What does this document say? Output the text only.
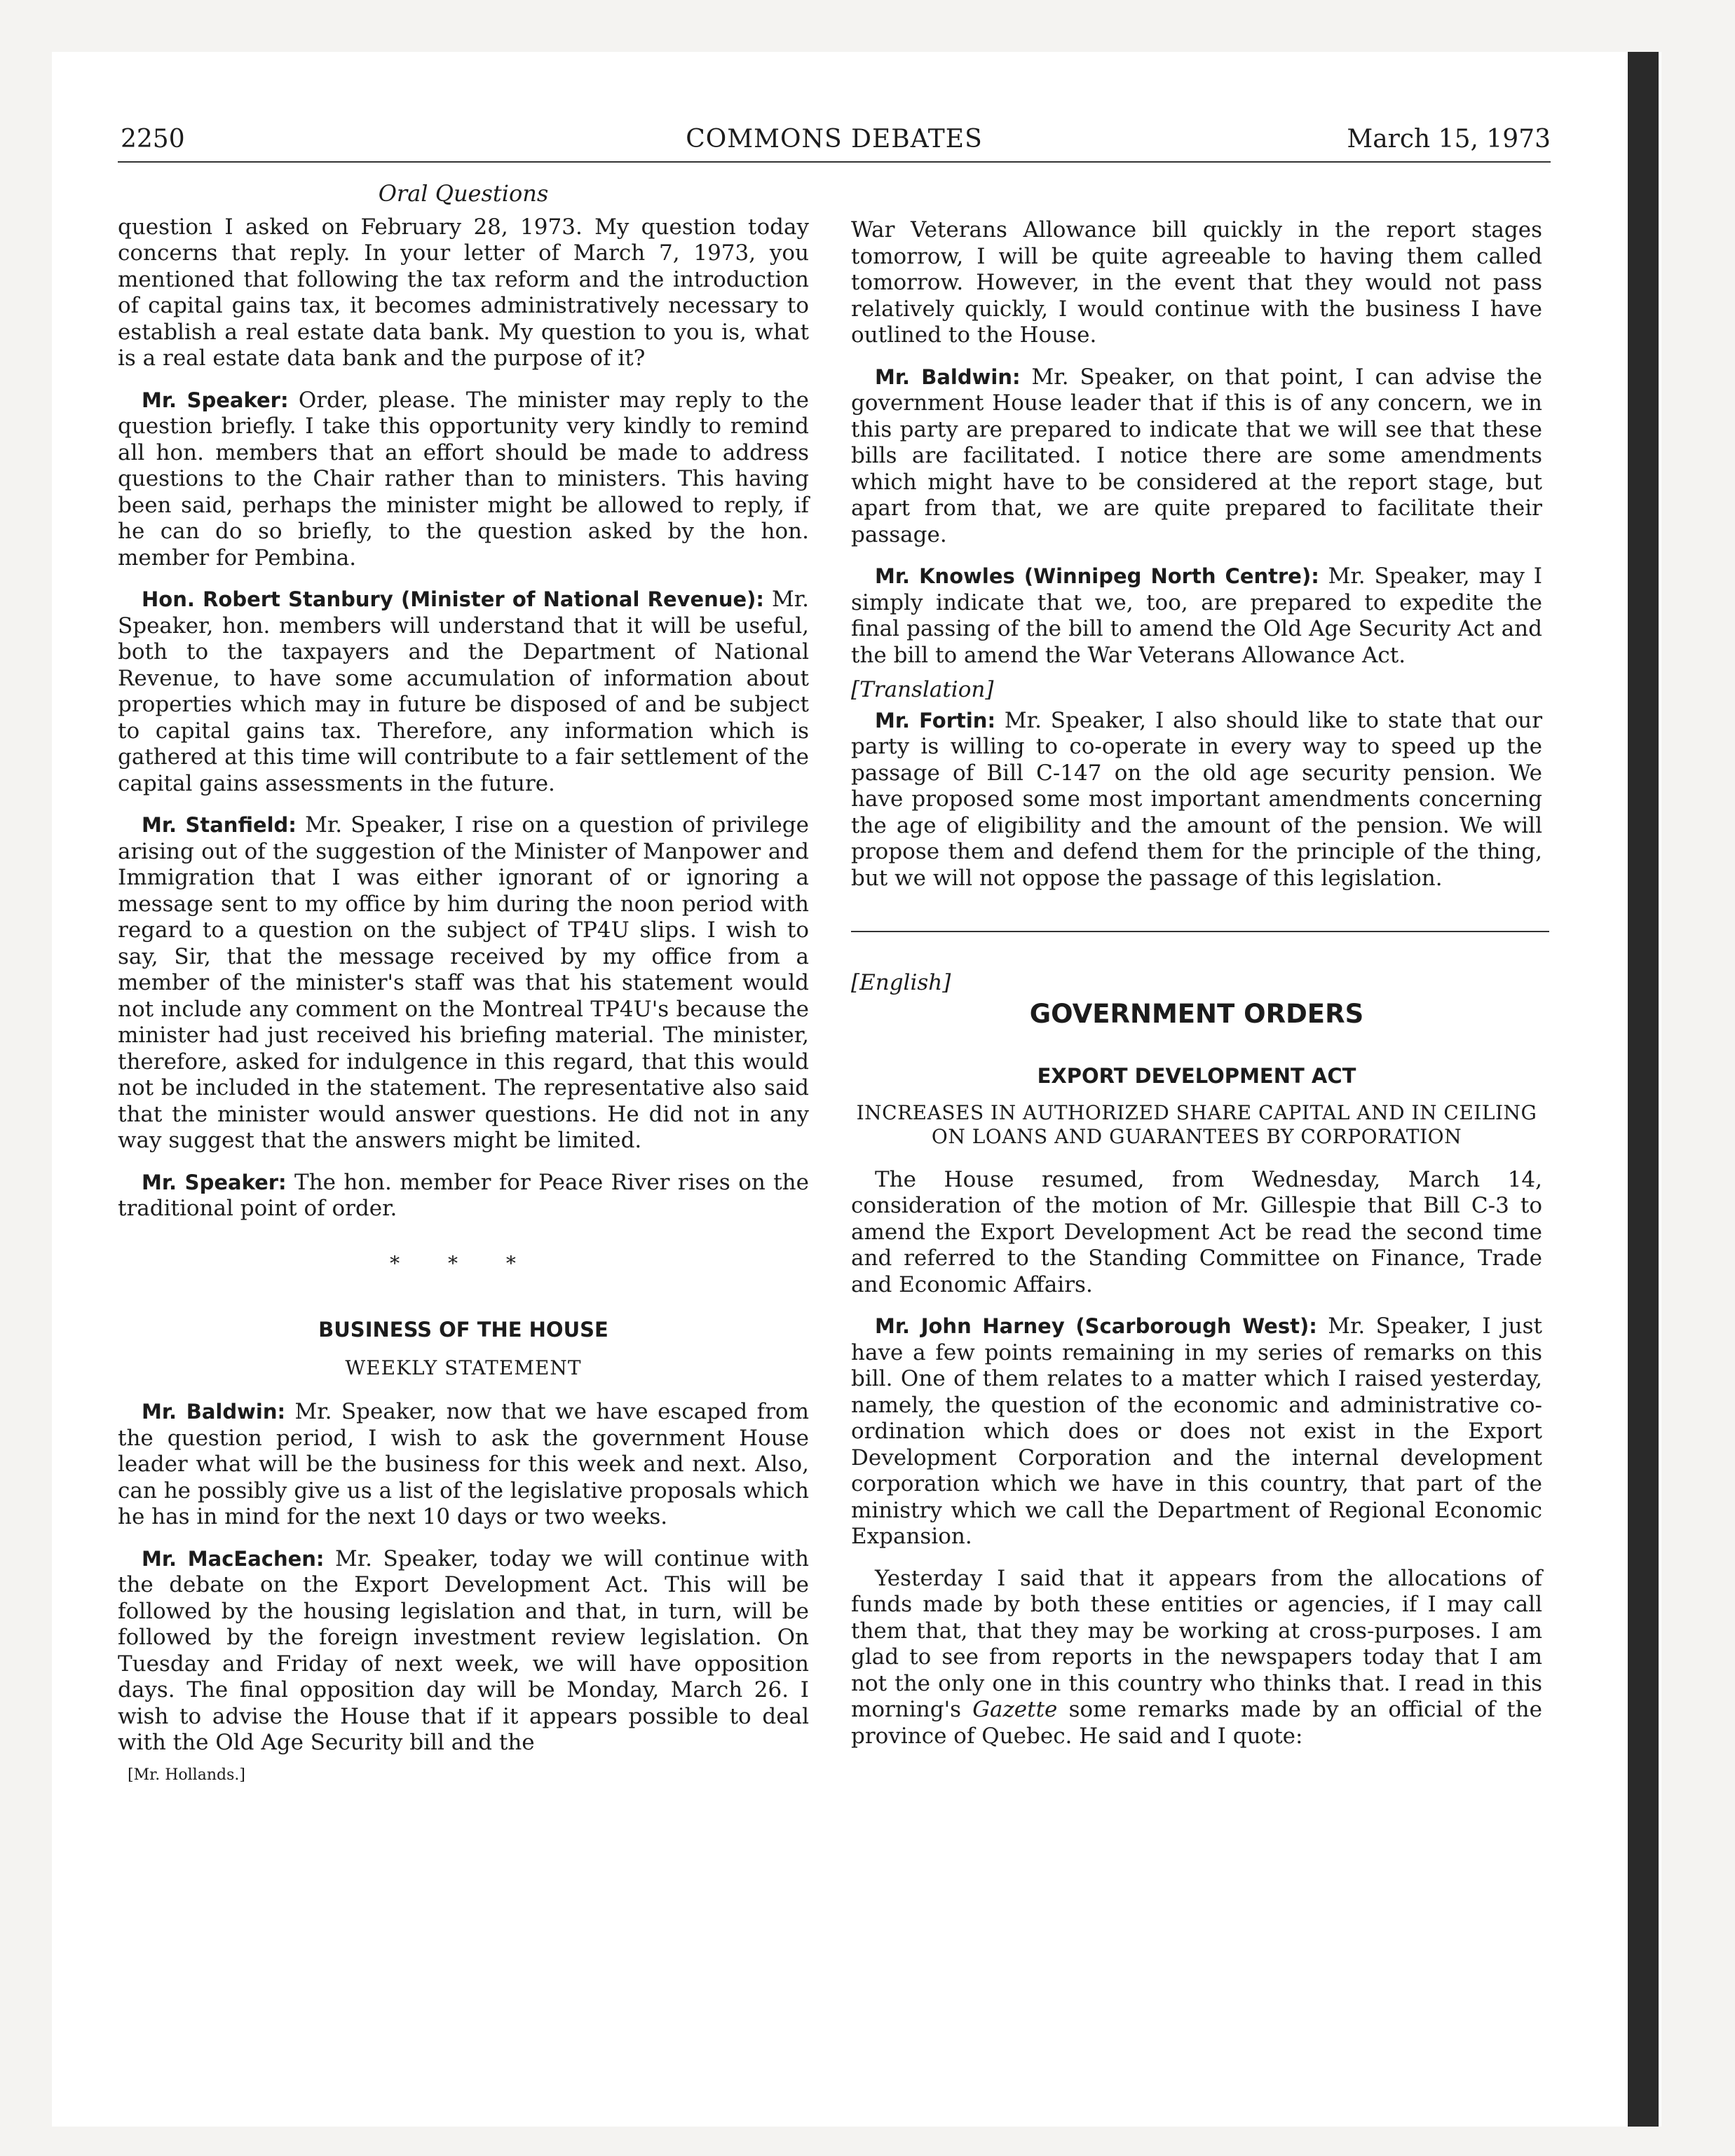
2250	COMMONS DEBATES	March 15, 1973
Oral Questions

question I asked on February 28, 1973. My question today concerns that reply. In your letter of March 7, 1973, you mentioned that following the tax reform and the introduction of capital gains tax, it becomes administratively necessary to establish a real estate data bank. My question to you is, what is a real estate data bank and the purpose of it?

Mr. Speaker: Order, please. The minister may reply to the question briefly. I take this opportunity very kindly to remind all hon. members that an effort should be made to address questions to the Chair rather than to ministers. This having been said, perhaps the minister might be allowed to reply, if he can do so briefly, to the question asked by the hon. member for Pembina.

Hon. Robert Stanbury (Minister of National Revenue): Mr. Speaker, hon. members will understand that it will be useful, both to the taxpayers and the Department of National Revenue, to have some accumulation of information about properties which may in future be disposed of and be subject to capital gains tax. Therefore, any information which is gathered at this time will contribute to a fair settlement of the capital gains assessments in the future.

Mr. Stanfield: Mr. Speaker, I rise on a question of privilege arising out of the suggestion of the Minister of Manpower and Immigration that I was either ignorant of or ignoring a message sent to my office by him during the noon period with regard to a question on the subject of TP4U slips. I wish to say, Sir, that the message received by my office from a member of the minister's staff was that his statement would not include any comment on the Montreal TP4U's because the minister had just received his briefing material. The minister, therefore, asked for indulgence in this regard, that this would not be included in the statement. The representative also said that the minister would answer questions. He did not in any way suggest that the answers might be limited.

Mr. Speaker: The hon. member for Peace River rises on the traditional point of order.

* * *
BUSINESS OF THE HOUSE
WEEKLY STATEMENT

Mr. Baldwin: Mr. Speaker, now that we have escaped from the question period, I wish to ask the government House leader what will be the business for this week and next. Also, can he possibly give us a list of the legislative proposals which he has in mind for the next 10 days or two weeks.

Mr. MacEachen: Mr. Speaker, today we will continue with the debate on the Export Development Act. This will be followed by the housing legislation and that, in turn, will be followed by the foreign investment review legislation. On Tuesday and Friday of next week, we will have opposition days. The final opposition day will be Monday, March 26. I wish to advise the House that if it appears possible to deal with the Old Age Security bill and the

[Mr. Hollands.]

War Veterans Allowance bill quickly in the report stages tomorrow, I will be quite agreeable to having them called tomorrow. However, in the event that they would not pass relatively quickly, I would continue with the business I have outlined to the House.

Mr. Baldwin: Mr. Speaker, on that point, I can advise the government House leader that if this is of any concern, we in this party are prepared to indicate that we will see that these bills are facilitated. I notice there are some amendments which might have to be considered at the report stage, but apart from that, we are quite prepared to facilitate their passage.

Mr. Knowles (Winnipeg North Centre): Mr. Speaker, may I simply indicate that we, too, are prepared to expedite the final passing of the bill to amend the Old Age Security Act and the bill to amend the War Veterans Allowance Act.

[Translation]

Mr. Fortin: Mr. Speaker, I also should like to state that our party is willing to co-operate in every way to speed up the passage of Bill C-147 on the old age security pension. We have proposed some most important amendments concerning the age of eligibility and the amount of the pension. We will propose them and defend them for the principle of the thing, but we will not oppose the passage of this legislation.

[English]
GOVERNMENT ORDERS
EXPORT DEVELOPMENT ACT
INCREASES IN AUTHORIZED SHARE CAPITAL AND IN CEILING ON LOANS AND GUARANTEES BY CORPORATION

The House resumed, from Wednesday, March 14, consideration of the motion of Mr. Gillespie that Bill C-3 to amend the Export Development Act be read the second time and referred to the Standing Committee on Finance, Trade and Economic Affairs.

Mr. John Harney (Scarborough West): Mr. Speaker, I just have a few points remaining in my series of remarks on this bill. One of them relates to a matter which I raised yesterday, namely, the question of the economic and administrative co-ordination which does or does not exist in the Export Development Corporation and the internal development corporation which we have in this country, that part of the ministry which we call the Department of Regional Economic Expansion.

Yesterday I said that it appears from the allocations of funds made by both these entities or agencies, if I may call them that, that they may be working at cross-purposes. I am glad to see from reports in the newspapers today that I am not the only one in this country who thinks that. I read in this morning's Gazette some remarks made by an official of the province of Quebec. He said and I quote:
